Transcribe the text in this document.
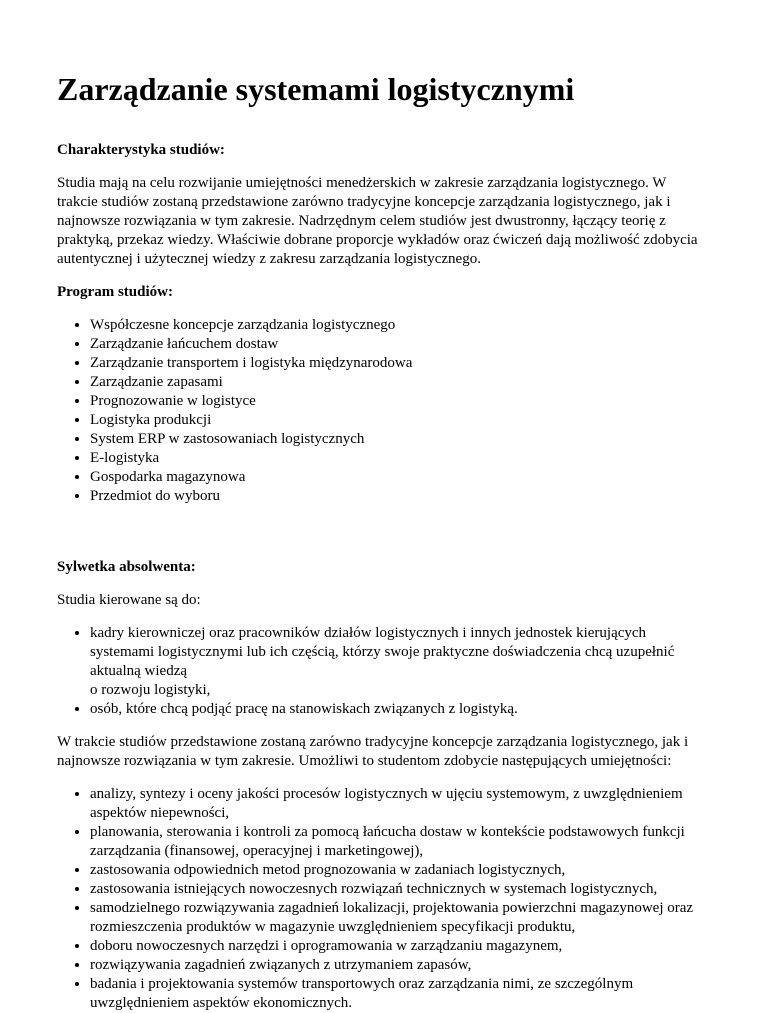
Zarządzanie systemami logistycznymi
Charakterystyka studiów:

Studia mają na celu rozwijanie umiejętności menedżerskich w zakresie zarządzania logistycznego. W trakcie studiów zostaną przedstawione zarówno tradycyjne koncepcje zarządzania logistycznego, jak i najnowsze rozwiązania w tym zakresie. Nadrzędnym celem studiów jest dwustronny, łączący teorię z praktyką, przekaz wiedzy. Właściwie dobrane proporcje wykładów oraz ćwiczeń dają możliwość zdobycia autentycznej i użytecznej wiedzy z zakresu zarządzania logistycznego.

Program studiów:
• Współczesne koncepcje zarządzania logistycznego
• Zarządzanie łańcuchem dostaw
• Zarządzanie transportem i logistyka międzynarodowa
• Zarządzanie zapasami
• Prognozowanie w logistyce
• Logistyka produkcji
• System ERP w zastosowaniach logistycznych
• E-logistyka
• Gospodarka magazynowa
• Przedmiot do wyboru
Sylwetka absolwenta:

Studia kierowane są do:

• kadry kierowniczej oraz pracowników działów logistycznych i innych jednostek kierujących systemami logistycznymi lub ich częścią, którzy swoje praktyczne doświadczenia chcą uzupełnić aktualną wiedzą
o rozwoju logistyki,
• osób, które chcą podjąć pracę na stanowiskach związanych z logistyką.

W trakcie studiów przedstawione zostaną zarówno tradycyjne koncepcje zarządzania logistycznego, jak i najnowsze rozwiązania w tym zakresie. Umożliwi to studentom zdobycie następujących umiejętności:

• analizy, syntezy i oceny jakości procesów logistycznych w ujęciu systemowym, z uwzględnieniem aspektów niepewności,
• planowania, sterowania i kontroli za pomocą łańcucha dostaw w kontekście podstawowych funkcji zarządzania (finansowej, operacyjnej i marketingowej),
• zastosowania odpowiednich metod prognozowania w zadaniach logistycznych,
• zastosowania istniejących nowoczesnych rozwiązań technicznych w systemach logistycznych,
• samodzielnego rozwiązywania zagadnień lokalizacji, projektowania powierzchni magazynowej oraz rozmieszczenia produktów w magazynie uwzględnieniem specyfikacji produktu,
• doboru nowoczesnych narzędzi i oprogramowania w zarządzaniu magazynem,
• rozwiązywania zagadnień związanych z utrzymaniem zapasów,
• badania i projektowania systemów transportowych oraz zarządzania nimi, ze szczególnym uwzględnieniem aspektów ekonomicznych.
